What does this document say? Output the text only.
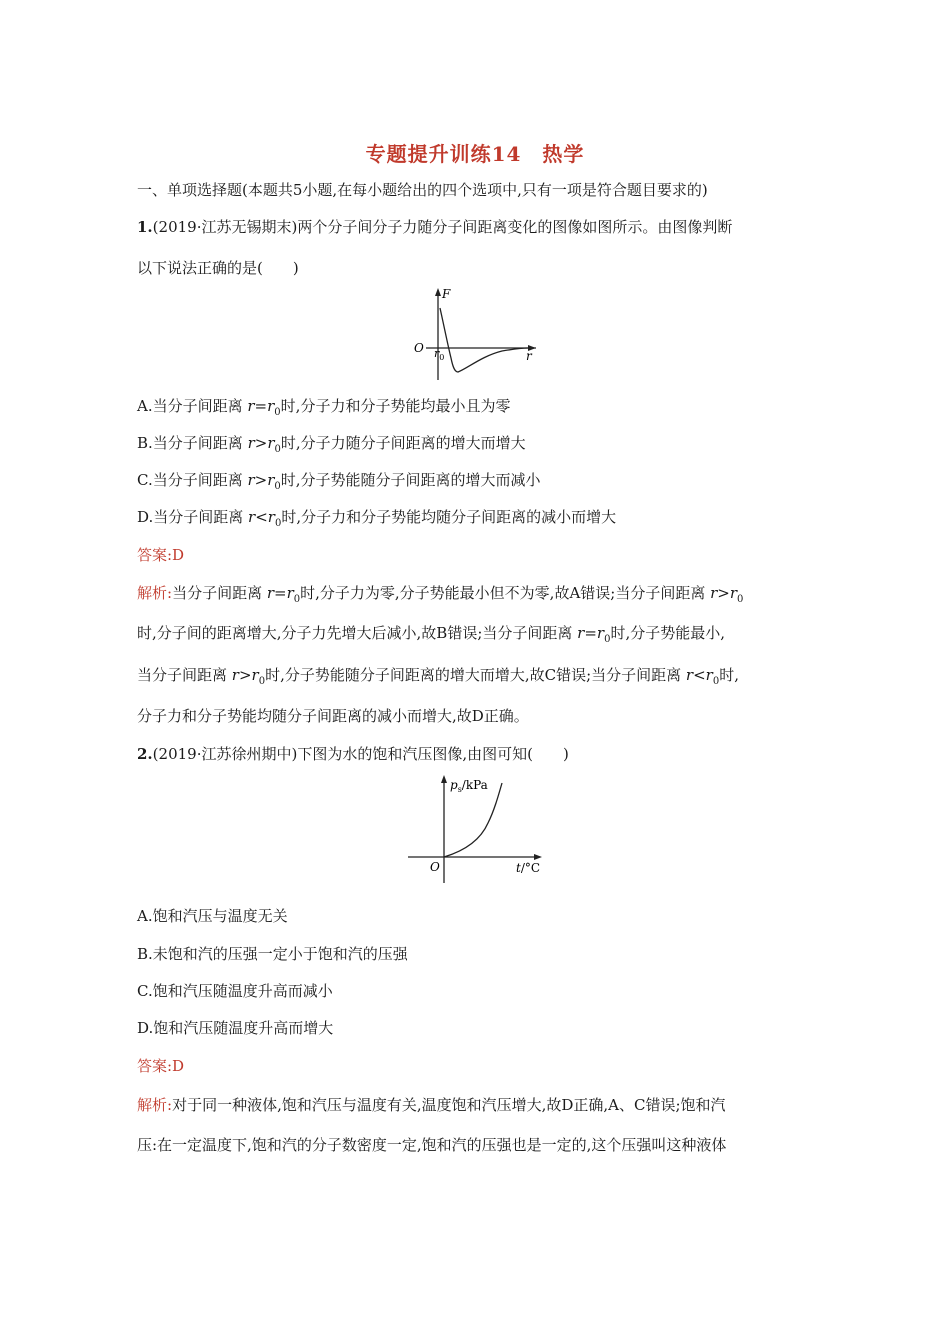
专题提升训练14　热学
一、单项选择题(本题共5小题,在每小题给出的四个选项中,只有一项是符合题目要求的)
1.(2019·江苏无锡期末)两个分子间分子力随分子间距离变化的图像如图所示。由图像判断
以下说法正确的是(　　)
F
O
r
$r_0$
A.当分子间距离 $r=r_0$时,分子力和分子势能均最小且为零
B.当分子间距离 $r>r_0$时,分子力随分子间距离的增大而增大
C.当分子间距离 $r>r_0$时,分子势能随分子间距离的增大而减小
D.当分子间距离 $r<r_0$时,分子力和分子势能均随分子间距离的减小而增大
答案:D
解析:当分子间距离 $r=r_0$时,分子力为零,分子势能最小但不为零,故A错误;当分子间距离 $r>r_0$
时,分子间的距离增大,分子力先增大后减小,故B错误;当分子间距离 $r=r_0$时,分子势能最小,
当分子间距离 $r>r_0$时,分子势能随分子间距离的增大而增大,故C错误;当分子间距离 $r<r_0$时,
分子力和分子势能均随分子间距离的减小而增大,故D正确。
2.(2019·江苏徐州期中)下图为水的饱和汽压图像,由图可知(　　)
$p_s$/kPa
O	t/°C
A.饱和汽压与温度无关
B.未饱和汽的压强一定小于饱和汽的压强
C.饱和汽压随温度升高而减小
D.饱和汽压随温度升高而增大
答案:D
解析:对于同一种液体,饱和汽压与温度有关,温度饱和汽压增大,故D正确,A、C错误;饱和汽
压:在一定温度下,饱和汽的分子数密度一定,饱和汽的压强也是一定的,这个压强叫这种液体
